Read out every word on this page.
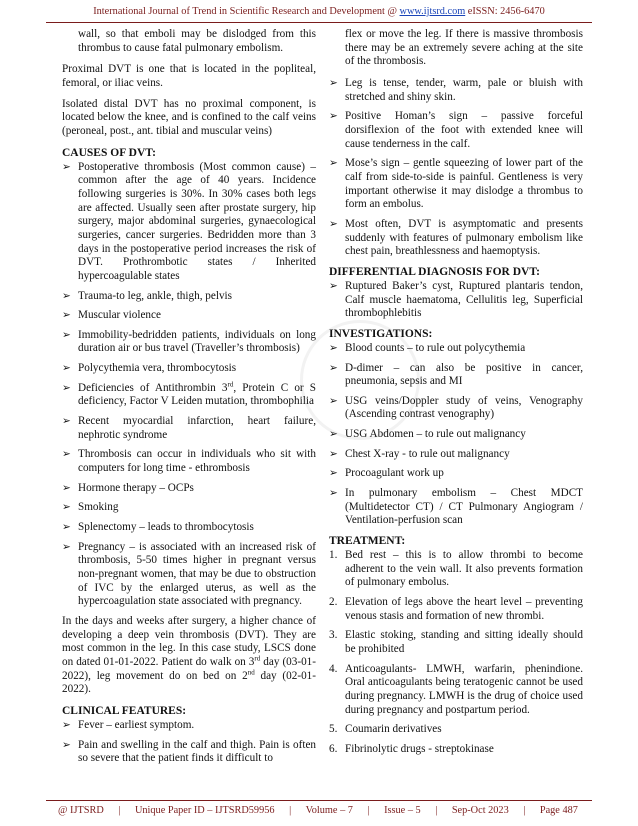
International Journal of Trend in Scientific Research and Development @ www.ijtsrd.com eISSN: 2456-6470
wall, so that emboli may be dislodged from this thrombus to cause fatal pulmonary embolism.

Proximal DVT is one that is located in the popliteal, femoral, or iliac veins.

Isolated distal DVT has no proximal component, is located below the knee, and is confined to the calf veins (peroneal, post., ant. tibial and muscular veins)

CAUSES OF DVT:
➢ Postoperative thrombosis (Most common cause) – common after the age of 40 years. Incidence following surgeries is 30%. In 30% cases both legs are affected. Usually seen after prostate surgery, hip surgery, major abdominal surgeries, gynaecological surgeries, cancer surgeries. Bedridden more than 3 days in the postoperative period increases the risk of DVT. Prothrombotic states / Inherited hypercoagulable states
➢ Trauma-to leg, ankle, thigh, pelvis
➢ Muscular violence
➢ Immobility-bedridden patients, individuals on long duration air or bus travel (Traveller’s thrombosis)
➢ Polycythemia vera, thrombocytosis
➢ Deficiencies of Antithrombin 3rd, Protein C or S deficiency, Factor V Leiden mutation, thrombophilia
➢ Recent myocardial infarction, heart failure, nephrotic syndrome
➢ Thrombosis can occur in individuals who sit with computers for long time - ethrombosis
➢ Hormone therapy – OCPs
➢ Smoking
➢ Splenectomy – leads to thrombocytosis
➢ Pregnancy – is associated with an increased risk of thrombosis, 5-50 times higher in pregnant versus non-pregnant women, that may be due to obstruction of IVC by the enlarged uterus, as well as the hypercoagulation state associated with pregnancy.

In the days and weeks after surgery, a higher chance of developing a deep vein thrombosis (DVT). They are most common in the leg. In this case study, LSCS done on dated 01-01-2022. Patient do walk on 3rd day (03-01-2022), leg movement do on bed on 2nd day (02-01-2022).

CLINICAL FEATURES:
➢ Fever – earliest symptom.
➢ Pain and swelling in the calf and thigh. Pain is often so severe that the patient finds it difficult to
flex or move the leg. If there is massive thrombosis there may be an extremely severe aching at the site of the thrombosis.
➢ Leg is tense, tender, warm, pale or bluish with stretched and shiny skin.
➢ Positive Homan’s sign – passive forceful dorsiflexion of the foot with extended knee will cause tenderness in the calf.
➢ Mose’s sign – gentle squeezing of lower part of the calf from side-to-side is painful. Gentleness is very important otherwise it may dislodge a thrombus to form an embolus.
➢ Most often, DVT is asymptomatic and presents suddenly with features of pulmonary embolism like chest pain, breathlessness and haemoptysis.
DIFFERENTIAL DIAGNOSIS FOR DVT:
➢ Ruptured Baker’s cyst, Ruptured plantaris tendon, Calf muscle haematoma, Cellulitis leg, Superficial thrombophlebitis
INVESTIGATIONS:
➢ Blood counts – to rule out polycythemia
➢ D-dimer – can also be positive in cancer, pneumonia, sepsis and MI
➢ USG veins/Doppler study of veins, Venography (Ascending contrast venography)
➢ USG Abdomen – to rule out malignancy
➢ Chest X-ray - to rule out malignancy
➢ Procoagulant work up
➢ In pulmonary embolism – Chest MDCT (Multidetector CT) / CT Pulmonary Angiogram / Ventilation-perfusion scan
TREATMENT:
1. Bed rest – this is to allow thrombi to become adherent to the vein wall. It also prevents formation of pulmonary embolus.
2. Elevation of legs above the heart level – preventing venous stasis and formation of new thrombi.
3. Elastic stoking, standing and sitting ideally should be prohibited
4. Anticoagulants- LMWH, warfarin, phenindione. Oral anticoagulants being teratogenic cannot be used during pregnancy. LMWH is the drug of choice used during pregnancy and postpartum period.
5. Coumarin derivatives
6. Fibrinolytic drugs - streptokinase
@ IJTSRD | Unique Paper ID – IJTSRD59956 | Volume – 7 | Issue – 5 | Sep-Oct 2023 | Page 487
